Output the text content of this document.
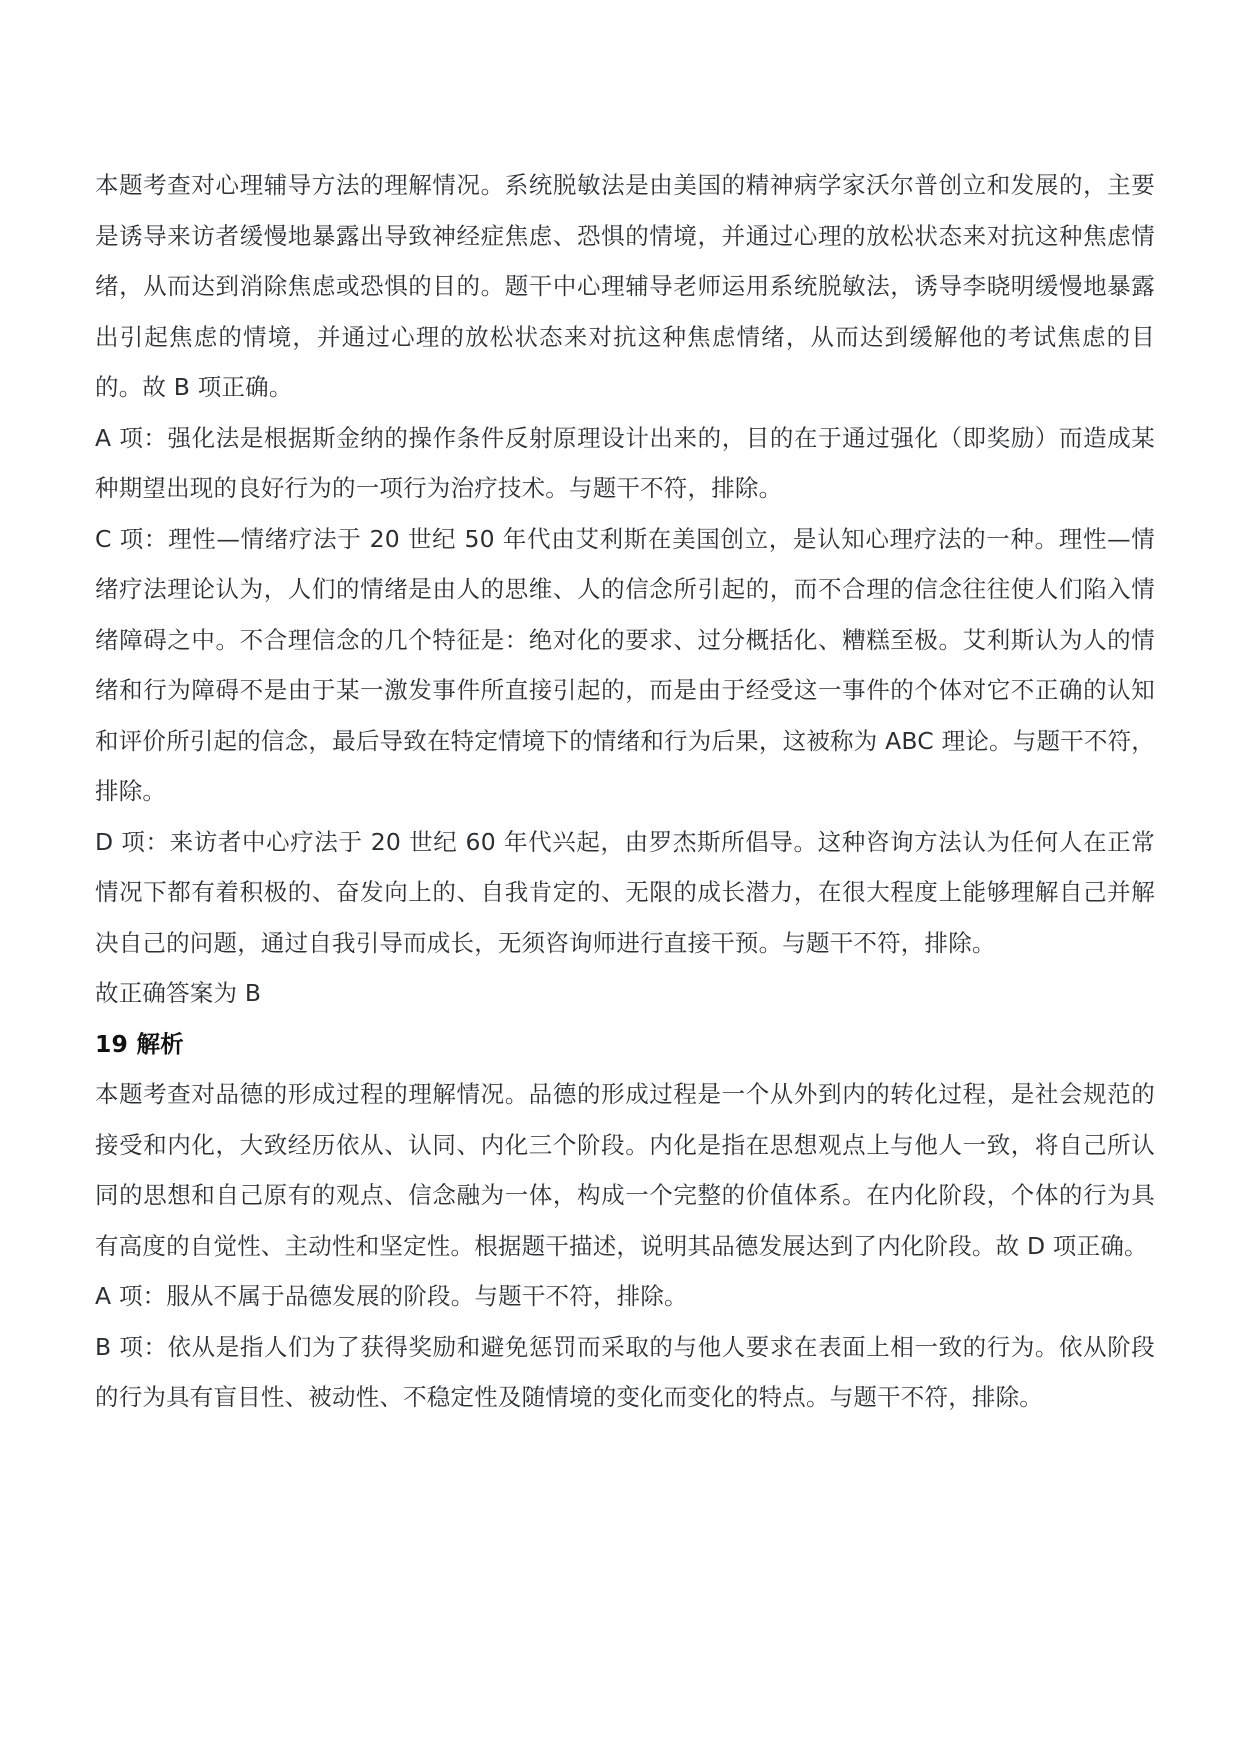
本题考查对心理辅导方法的理解情况。系统脱敏法是由美国的精神病学家沃尔普创立和发展的，主要是诱导来访者缓慢地暴露出导致神经症焦虑、恐惧的情境，并通过心理的放松状态来对抗这种焦虑情绪，从而达到消除焦虑或恐惧的目的。题干中心理辅导老师运用系统脱敏法，诱导李晓明缓慢地暴露出引起焦虑的情境，并通过心理的放松状态来对抗这种焦虑情绪，从而达到缓解他的考试焦虑的目的。故 B 项正确。

A 项：强化法是根据斯金纳的操作条件反射原理设计出来的，目的在于通过强化（即奖励）而造成某种期望出现的良好行为的一项行为治疗技术。与题干不符，排除。

C 项：理性—情绪疗法于 20 世纪 50 年代由艾利斯在美国创立，是认知心理疗法的一种。理性—情绪疗法理论认为，人们的情绪是由人的思维、人的信念所引起的，而不合理的信念往往使人们陷入情绪障碍之中。不合理信念的几个特征是：绝对化的要求、过分概括化、糟糕至极。艾利斯认为人的情绪和行为障碍不是由于某一激发事件所直接引起的，而是由于经受这一事件的个体对它不正确的认知和评价所引起的信念，最后导致在特定情境下的情绪和行为后果，这被称为 ABC 理论。与题干不符，排除。

D 项：来访者中心疗法于 20 世纪 60 年代兴起，由罗杰斯所倡导。这种咨询方法认为任何人在正常情况下都有着积极的、奋发向上的、自我肯定的、无限的成长潜力，在很大程度上能够理解自己并解决自己的问题，通过自我引导而成长，无须咨询师进行直接干预。与题干不符，排除。

故正确答案为 B

19 解析

本题考查对品德的形成过程的理解情况。品德的形成过程是一个从外到内的转化过程，是社会规范的接受和内化，大致经历依从、认同、内化三个阶段。内化是指在思想观点上与他人一致，将自己所认同的思想和自己原有的观点、信念融为一体，构成一个完整的价值体系。在内化阶段，个体的行为具有高度的自觉性、主动性和坚定性。根据题干描述，说明其品德发展达到了内化阶段。故 D 项正确。

A 项：服从不属于品德发展的阶段。与题干不符，排除。

B 项：依从是指人们为了获得奖励和避免惩罚而采取的与他人要求在表面上相一致的行为。依从阶段的行为具有盲目性、被动性、不稳定性及随情境的变化而变化的特点。与题干不符，排除。
